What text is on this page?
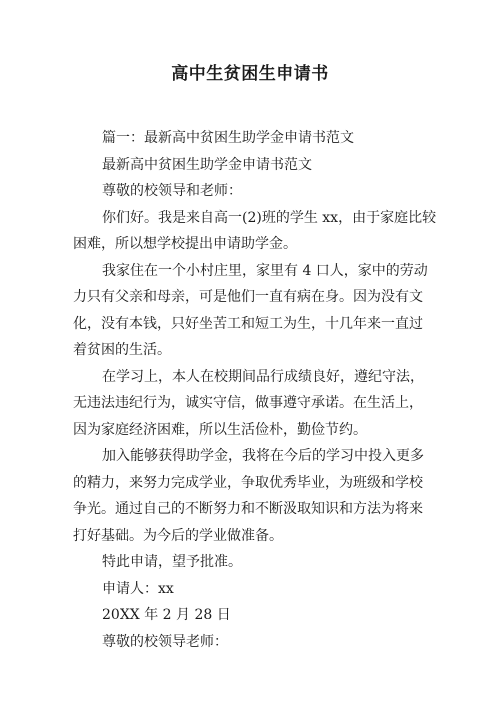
高中生贫困生申请书
篇一：最新高中贫困生助学金申请书范文
最新高中贫困生助学金申请书范文
尊敬的校领导和老师：
你们好。我是来自高一(2)班的学生 xx，由于家庭比较
困难，所以想学校提出申请助学金。
我家住在一个小村庄里，家里有 4 口人，家中的劳动
力只有父亲和母亲，可是他们一直有病在身。因为没有文
化，没有本钱，只好坐苦工和短工为生，十几年来一直过
着贫困的生活。
在学习上，本人在校期间品行成绩良好，遵纪守法，
无违法违纪行为，诚实守信，做事遵守承诺。在生活上，
因为家庭经济困难，所以生活俭朴，勤俭节约。
加入能够获得助学金，我将在今后的学习中投入更多
的精力，来努力完成学业，争取优秀毕业，为班级和学校
争光。通过自己的不断努力和不断汲取知识和方法为将来
打好基础。为今后的学业做准备。
特此申请，望予批准。
申请人：xx
20XX 年 2 月 28 日
尊敬的校领导老师：
